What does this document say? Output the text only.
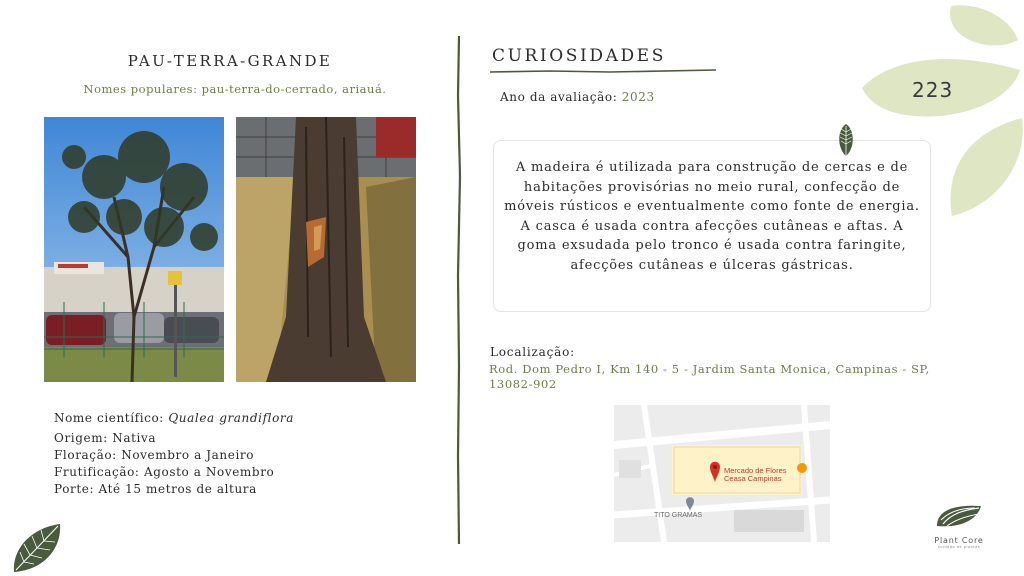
223
PAU-TERRA-GRANDE
Nomes populares: pau-terra-do-cerrado, ariauá.
Nome científico: Qualea grandiflora
Origem: Nativa
Floração: Novembro a Janeiro
Frutificação: Agosto a Novembro
Porte: Até 15 metros de altura
CURIOSIDADES
Ano da avaliação: 2023
A madeira é utilizada para construção de cercas e de habitações provisórias no meio rural, confecção de móveis rústicos e eventualmente como fonte de energia. A casca é usada contra afecções cutâneas e aftas. A goma exsudada pelo tronco é usada contra faringite, afecções cutâneas e úlceras gástricas.
Localização:
Rod. Dom Pedro I, Km 140 - 5 - Jardim Santa Monica, Campinas - SP, 13082-902
Mercado de Flores
Ceasa Campinas
TITO GRAMAS
Plant Core
cuidado de plantas
